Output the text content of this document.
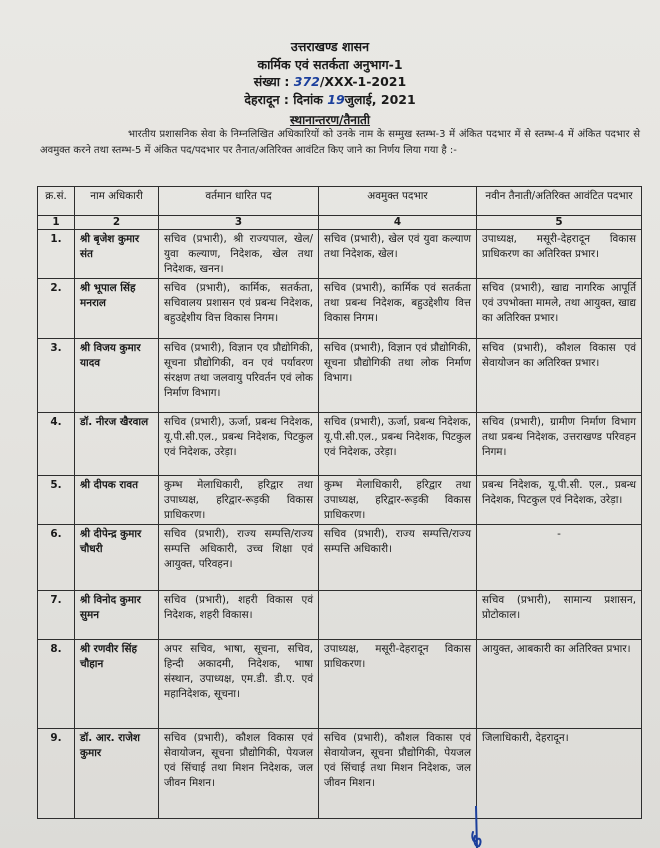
उत्तराखण्ड शासन
कार्मिक एवं सतर्कता अनुभाग-1
संख्या : 372/XXX-1-2021
देहरादून : दिनांक 19जुलाई, 2021
स्थानान्तरण/तैनाती
भारतीय प्रशासनिक सेवा के निम्नलिखित अधिकारियों को उनके नाम के सम्मुख स्तम्भ-3 में अंकित पदभार में से स्तम्भ-4 में अंकित पदभार से अवमुक्त करने तथा स्तम्भ-5 में अंकित पद/पदभार पर तैनात/अतिरिक्त आवंटित किए जाने का निर्णय लिया गया है :-
क्र.सं.	नाम अधिकारी	वर्तमान धारित पद	अवमुक्त पदभार	नवीन तैनाती/अतिरिक्त आवंटित पदभार
1	2	3	4	5
1.	श्री बृजेश कुमार संत	सचिव (प्रभारी), श्री राज्यपाल, खेल/युवा कल्याण, निदेशक, खेल तथा निदेशक, खनन।	सचिव (प्रभारी), खेल एवं युवा कल्याण तथा निदेशक, खेल।	उपाध्यक्ष, मसूरी-देहरादून विकास प्राधिकरण का अतिरिक्त प्रभार।
2.	श्री भूपाल सिंह मनराल	सचिव (प्रभारी), कार्मिक, सतर्कता, सचिवालय प्रशासन एवं प्रबन्ध निदेशक, बहुउद्देशीय वित्त विकास निगम।	सचिव (प्रभारी), कार्मिक एवं सतर्कता तथा प्रबन्ध निदेशक, बहुउद्देशीय वित्त विकास निगम।	सचिव (प्रभारी), खाद्य नागरिक आपूर्ति एवं उपभोक्ता मामले, तथा आयुक्त, खाद्य का अतिरिक्त प्रभार।
3.	श्री विजय कुमार यादव	सचिव (प्रभारी), विज्ञान एव प्रौद्योगिकी, सूचना प्रौद्योगिकी, वन एवं पर्यावरण संरक्षण तथा जलवायु परिवर्तन एवं लोक निर्माण विभाग।	सचिव (प्रभारी), विज्ञान एवं प्रौद्योगिकी, सूचना प्रौद्योगिकी तथा लोक निर्माण विभाग।	सचिव (प्रभारी), कौशल विकास एवं सेवायोजन का अतिरिक्त प्रभार।
4.	डॉ. नीरज खैरवाल	सचिव (प्रभारी), ऊर्जा, प्रबन्ध निदेशक, यू.पी.सी.एल., प्रबन्ध निदेशक, पिटकुल एवं निदेशक, उरेड़ा।	सचिव (प्रभारी), ऊर्जा, प्रबन्ध निदेशक, यू.पी.सी.एल., प्रबन्ध निदेशक, पिटकुल एवं निदेशक, उरेड़ा।	सचिव (प्रभारी), ग्रामीण निर्माण विभाग तथा प्रबन्ध निदेशक, उत्तराखण्ड परिवहन निगम।
5.	श्री दीपक रावत	कुम्भ मेलाधिकारी, हरिद्वार तथा उपाध्यक्ष, हरिद्वार-रूड़की विकास प्राधिकरण।	कुम्भ मेलाधिकारी, हरिद्वार तथा उपाध्यक्ष, हरिद्वार-रूड़की विकास प्राधिकरण।	प्रबन्ध निदेशक, यू.पी.सी. एल., प्रबन्ध निदेशक, पिटकुल एवं निदेशक, उरेड़ा।
6.	श्री दीपेन्द्र कुमार चौधरी	सचिव (प्रभारी), राज्य सम्पत्ति/राज्य सम्पत्ति अधिकारी, उच्च शिक्षा एवं आयुक्त, परिवहन।	सचिव (प्रभारी), राज्य सम्पत्ति/राज्य सम्पत्ति अधिकारी।	-
7.	श्री विनोद कुमार सुमन	सचिव (प्रभारी), शहरी विकास एवं निदेशक, शहरी विकास।		सचिव (प्रभारी), सामान्य प्रशासन, प्रोटोकाल।
8.	श्री रणवीर सिंह चौहान	अपर सचिव, भाषा, सूचना, सचिव, हिन्दी अकादमी, निदेशक, भाषा संस्थान, उपाध्यक्ष, एम.डी. डी.ए. एवं महानिदेशक, सूचना।	उपाध्यक्ष, मसूरी-देहरादून विकास प्राधिकरण।	आयुक्त, आबकारी का अतिरिक्त प्रभार।
9.	डॉ. आर. राजेश कुमार	सचिव (प्रभारी), कौशल विकास एवं सेवायोजन, सूचना प्रौद्योगिकी, पेयजल एवं सिंचाई तथा मिशन निदेशक, जल जीवन मिशन।	सचिव (प्रभारी), कौशल विकास एवं सेवायोजन, सूचना प्रौद्योगिकी, पेयजल एवं सिंचाई तथा मिशन निदेशक, जल जीवन मिशन।	जिलाधिकारी, देहरादून।
